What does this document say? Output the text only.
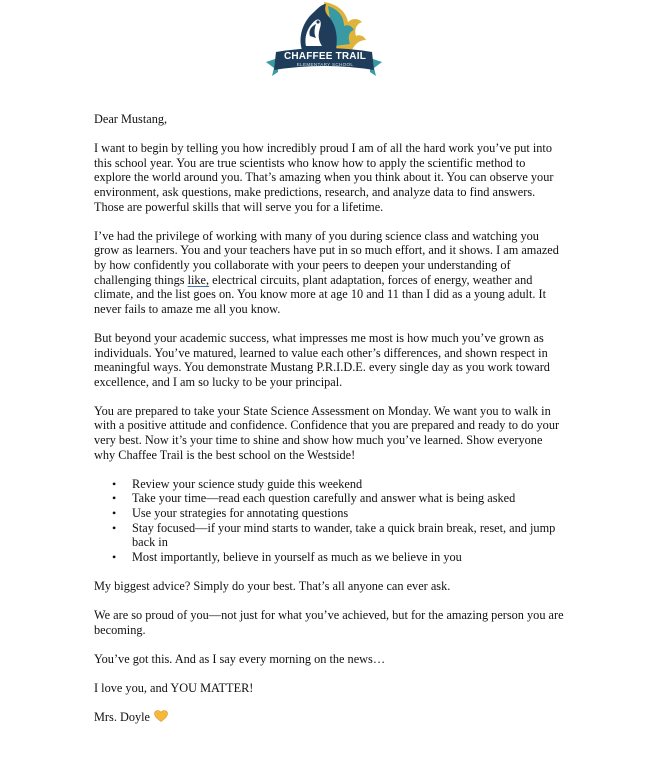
CHAFFEE TRAIL
ELEMENTARY SCHOOL

Dear Mustang,

I want to begin by telling you how incredibly proud I am of all the hard work you’ve put into this school year. You are true scientists who know how to apply the scientific method to explore the world around you. That’s amazing when you think about it. You can observe your environment, ask questions, make predictions, research, and analyze data to find answers. Those are powerful skills that will serve you for a lifetime.

I’ve had the privilege of working with many of you during science class and watching you grow as learners. You and your teachers have put in so much effort, and it shows. I am amazed by how confidently you collaborate with your peers to deepen your understanding of challenging things like, electrical circuits, plant adaptation, forces of energy, weather and climate, and the list goes on. You know more at age 10 and 11 than I did as a young adult. It never fails to amaze me all you know.

But beyond your academic success, what impresses me most is how much you’ve grown as individuals. You’ve matured, learned to value each other’s differences, and shown respect in meaningful ways. You demonstrate Mustang P.R.I.D.E. every single day as you work toward excellence, and I am so lucky to be your principal.

You are prepared to take your State Science Assessment on Monday. We want you to walk in with a positive attitude and confidence. Confidence that you are prepared and ready to do your very best. Now it’s your time to shine and show how much you’ve learned. Show everyone why Chaffee Trail is the best school on the Westside!

• Review your science study guide this weekend
• Take your time—read each question carefully and answer what is being asked
• Use your strategies for annotating questions
• Stay focused—if your mind starts to wander, take a quick brain break, reset, and jump back in
• Most importantly, believe in yourself as much as we believe in you

My biggest advice? Simply do your best. That’s all anyone can ever ask.

We are so proud of you—not just for what you’ve achieved, but for the amazing person you are becoming.

You’ve got this. And as I say every morning on the news…

I love you, and YOU MATTER!

Mrs. Doyle
